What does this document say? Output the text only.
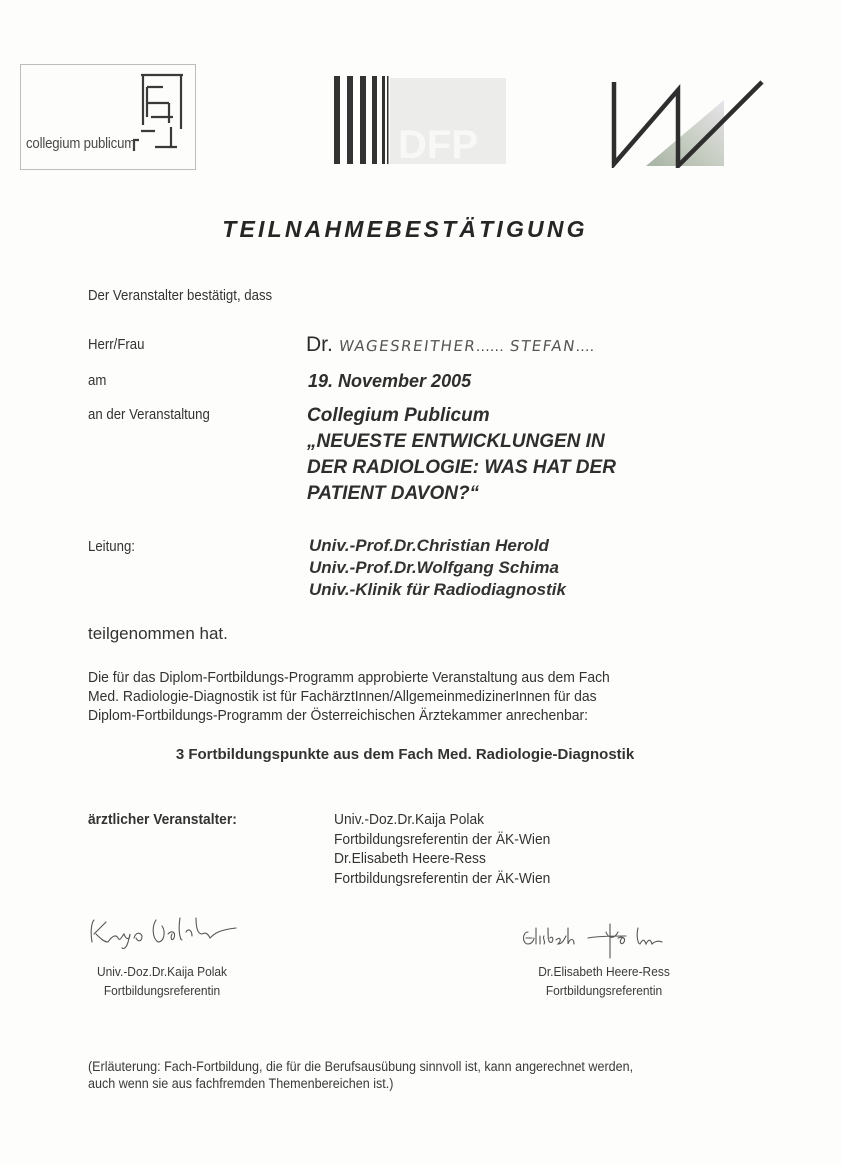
collegium publicum	DFP
TEILNAHMEBESTÄTIGUNG
Der Veranstalter bestätigt, dass
Herr/Frau	Dr. WAGESREITHER...... STEFAN....
am	19. November 2005
an der Veranstaltung	Collegium Publicum
„NEUESTE ENTWICKLUNGEN IN
DER RADIOLOGIE: WAS HAT DER
PATIENT DAVON?“
Leitung:	Univ.-Prof.Dr.Christian Herold
Univ.-Prof.Dr.Wolfgang Schima
Univ.-Klinik für Radiodiagnostik
teilgenommen hat.
Die für das Diplom-Fortbildungs-Programm approbierte Veranstaltung aus dem Fach
Med. Radiologie-Diagnostik ist für FachärztInnen/AllgemeinmedizinerInnen für das
Diplom-Fortbildungs-Programm der Österreichischen Ärztekammer anrechenbar:
3 Fortbildungspunkte aus dem Fach Med. Radiologie-Diagnostik
ärztlicher Veranstalter:	Univ.-Doz.Dr.Kaija Polak
Fortbildungsreferentin der ÄK-Wien
Dr.Elisabeth Heere-Ress
Fortbildungsreferentin der ÄK-Wien
Univ.-Doz.Dr.Kaija Polak
Fortbildungsreferentin
Dr.Elisabeth Heere-Ress
Fortbildungsreferentin
(Erläuterung: Fach-Fortbildung, die für die Berufsausübung sinnvoll ist, kann angerechnet werden,
auch wenn sie aus fachfremden Themenbereichen ist.)
